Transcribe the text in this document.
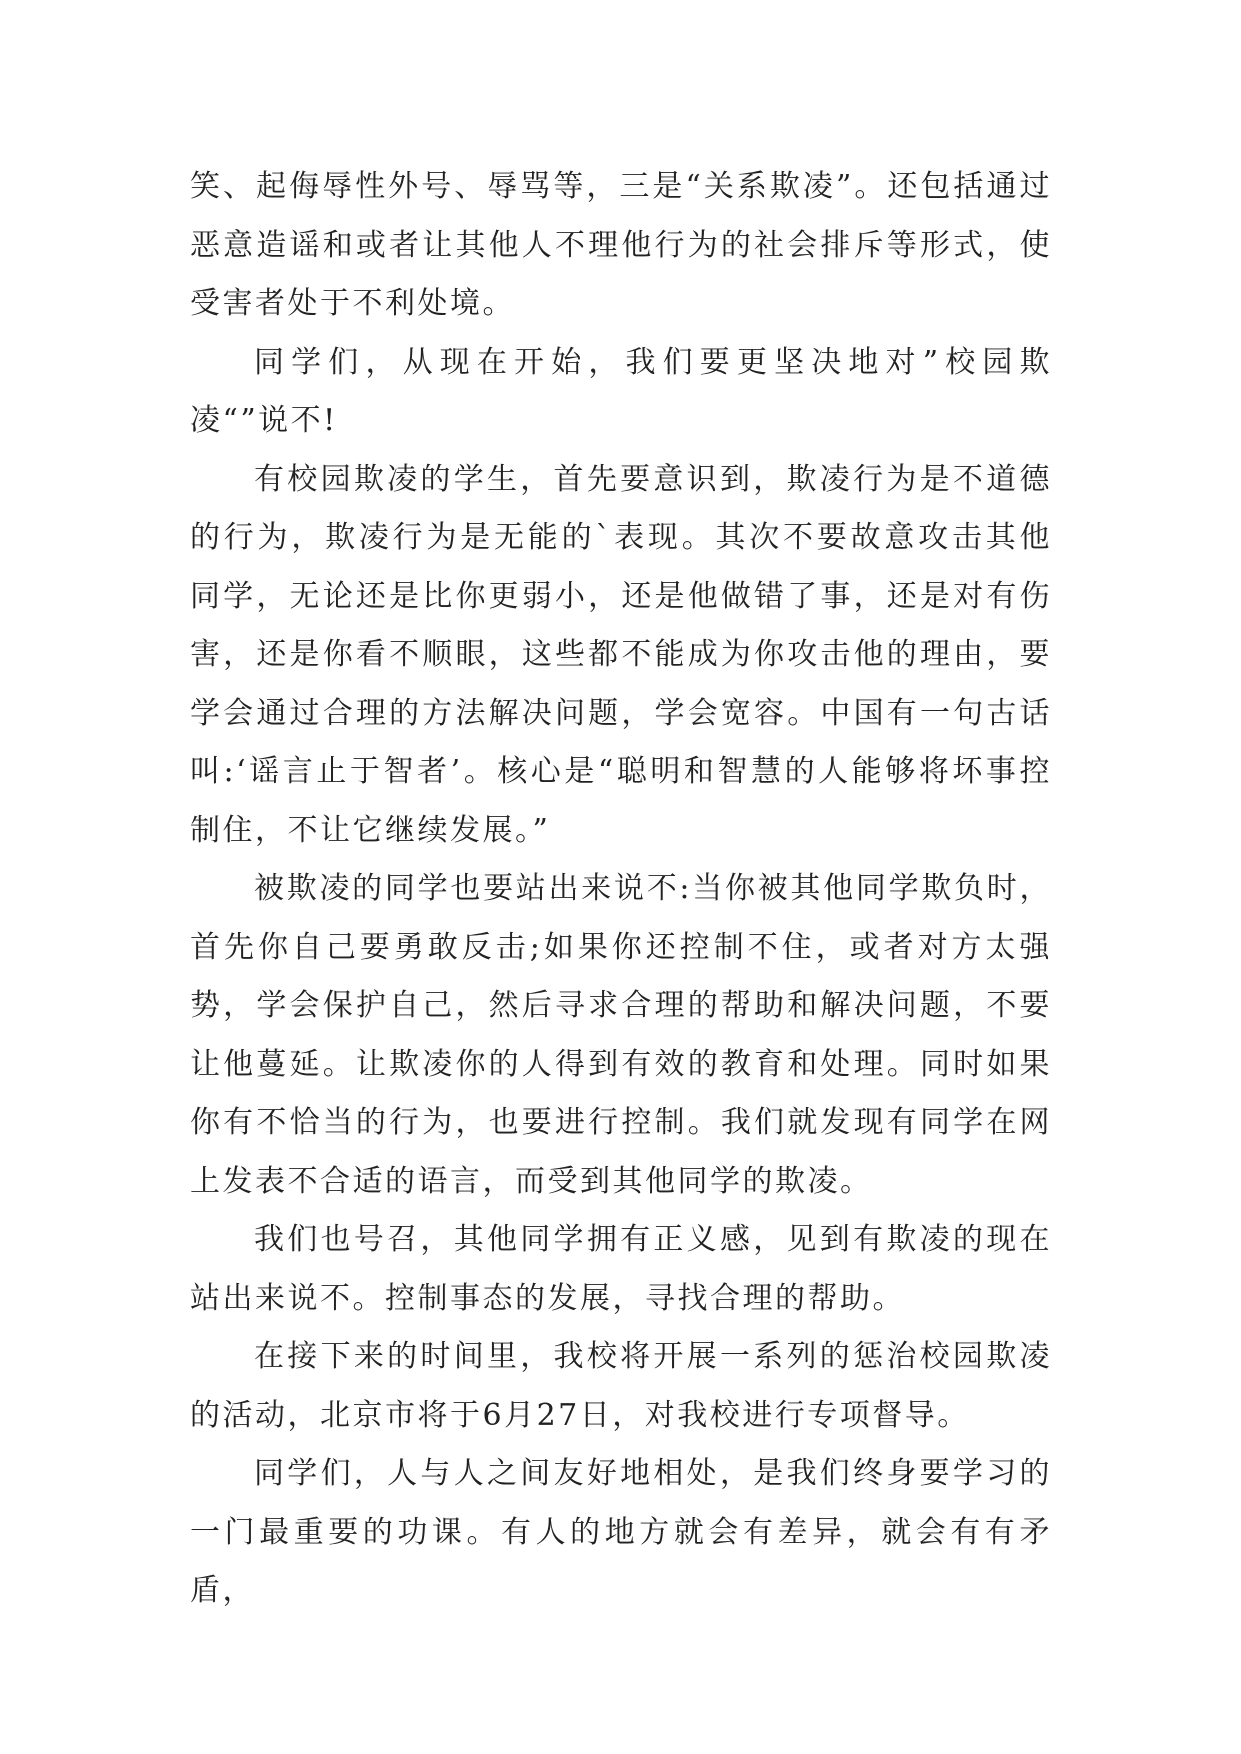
笑、起侮辱性外号、辱骂等，三是“关系欺凌”。还包括通过恶意造谣和或者让其他人不理他行为的社会排斥等形式，使受害者处于不利处境。

同学们，从现在开始，我们要更坚决地对”校园欺凌“”说不!

有校园欺凌的学生，首先要意识到，欺凌行为是不道德的行为，欺凌行为是无能的`表现。其次不要故意攻击其他同学，无论还是比你更弱小，还是他做错了事，还是对有伤害，还是你看不顺眼，这些都不能成为你攻击他的理由，要学会通过合理的方法解决问题，学会宽容。中国有一句古话叫:‘谣言止于智者’。核心是“聪明和智慧的人能够将坏事控制住，不让它继续发展。”

被欺凌的同学也要站出来说不:当你被其他同学欺负时，首先你自己要勇敢反击;如果你还控制不住，或者对方太强势，学会保护自己，然后寻求合理的帮助和解决问题，不要让他蔓延。让欺凌你的人得到有效的教育和处理。同时如果你有不恰当的行为，也要进行控制。我们就发现有同学在网上发表不合适的语言，而受到其他同学的欺凌。

我们也号召，其他同学拥有正义感，见到有欺凌的现在站出来说不。控制事态的发展，寻找合理的帮助。

在接下来的时间里，我校将开展一系列的惩治校园欺凌的活动，北京市将于6月27日，对我校进行专项督导。

同学们，人与人之间友好地相处，是我们终身要学习的一门最重要的功课。有人的地方就会有差异，就会有有矛盾，
